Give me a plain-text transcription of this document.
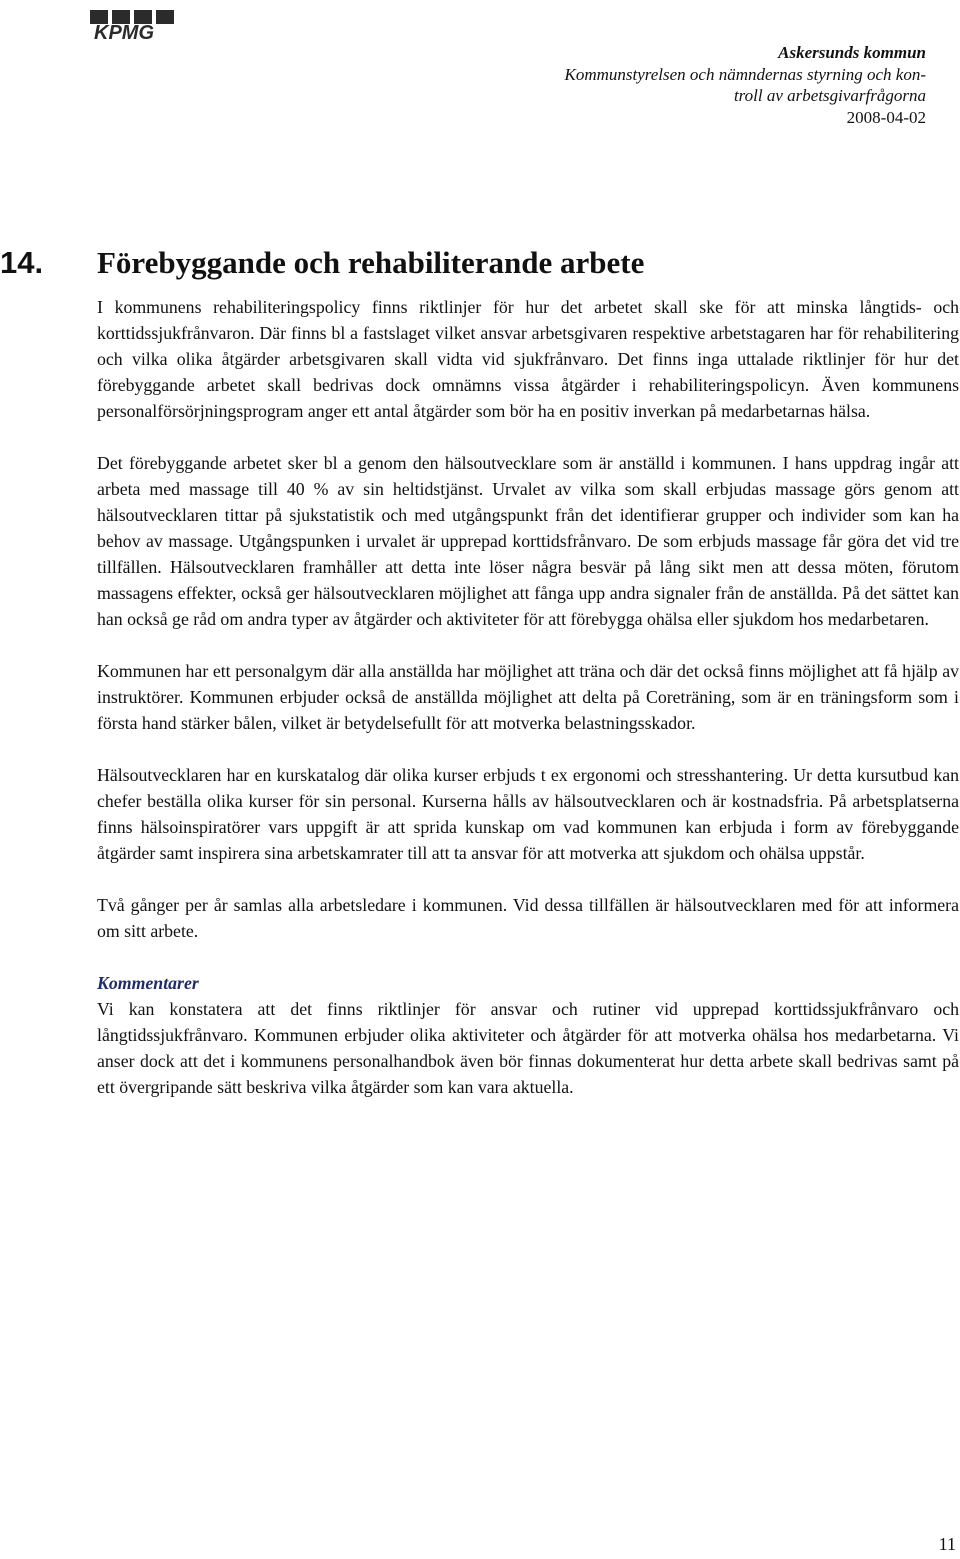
KPMG
Askersunds kommun
Kommunstyrelsen och nämndernas styrning och kon-
troll av arbetsgivarfrågorna
2008-04-02
14. Förebyggande och rehabiliterande arbete

I kommunens rehabiliteringspolicy finns riktlinjer för hur det arbetet skall ske för att minska långtids- och korttidssjukfrånvaron. Där finns bl a fastslaget vilket ansvar arbetsgivaren respektive arbetstagaren har för rehabilitering och vilka olika åtgärder arbetsgivaren skall vidta vid sjukfrånvaro. Det finns inga uttalade riktlinjer för hur det förebyggande arbetet skall bedrivas dock omnämns vissa åtgärder i rehabiliteringspolicyn. Även kommunens personalförsörjningsprogram anger ett antal åtgärder som bör ha en positiv inverkan på medarbetarnas hälsa.

Det förebyggande arbetet sker bl a genom den hälsoutvecklare som är anställd i kommunen. I hans uppdrag ingår att arbeta med massage till 40 % av sin heltidstjänst. Urvalet av vilka som skall erbjudas massage görs genom att hälsoutvecklaren tittar på sjukstatistik och med utgångspunkt från det identifierar grupper och individer som kan ha behov av massage. Utgångspunken i urvalet är upprepad korttidsfrånvaro. De som erbjuds massage får göra det vid tre tillfällen. Hälsoutvecklaren framhåller att detta inte löser några besvär på lång sikt men att dessa möten, förutom massagens effekter, också ger hälsoutvecklaren möjlighet att fånga upp andra signaler från de anställda. På det sättet kan han också ge råd om andra typer av åtgärder och aktiviteter för att förebygga ohälsa eller sjukdom hos medarbetaren.

Kommunen har ett personalgym där alla anställda har möjlighet att träna och där det också finns möjlighet att få hjälp av instruktörer. Kommunen erbjuder också de anställda möjlighet att delta på Coreträning, som är en träningsform som i första hand stärker bålen, vilket är betydelsefullt för att motverka belastningsskador.

Hälsoutvecklaren har en kurskatalog där olika kurser erbjuds t ex ergonomi och stresshantering. Ur detta kursutbud kan chefer beställa olika kurser för sin personal. Kurserna hålls av hälsoutvecklaren och är kostnadsfria. På arbetsplatserna finns hälsoinspiratörer vars uppgift är att sprida kunskap om vad kommunen kan erbjuda i form av förebyggande åtgärder samt inspirera sina arbetskamrater till att ta ansvar för att motverka att sjukdom och ohälsa uppstår.

Två gånger per år samlas alla arbetsledare i kommunen. Vid dessa tillfällen är hälsoutvecklaren med för att informera om sitt arbete.

Kommentarer

Vi kan konstatera att det finns riktlinjer för ansvar och rutiner vid upprepad korttidssjukfrånvaro och långtidssjukfrånvaro. Kommunen erbjuder olika aktiviteter och åtgärder för att motverka ohälsa hos medarbetarna. Vi anser dock att det i kommunens personalhandbok även bör finnas dokumenterat hur detta arbete skall bedrivas samt på ett övergripande sätt beskriva vilka åtgärder som kan vara aktuella.

11
